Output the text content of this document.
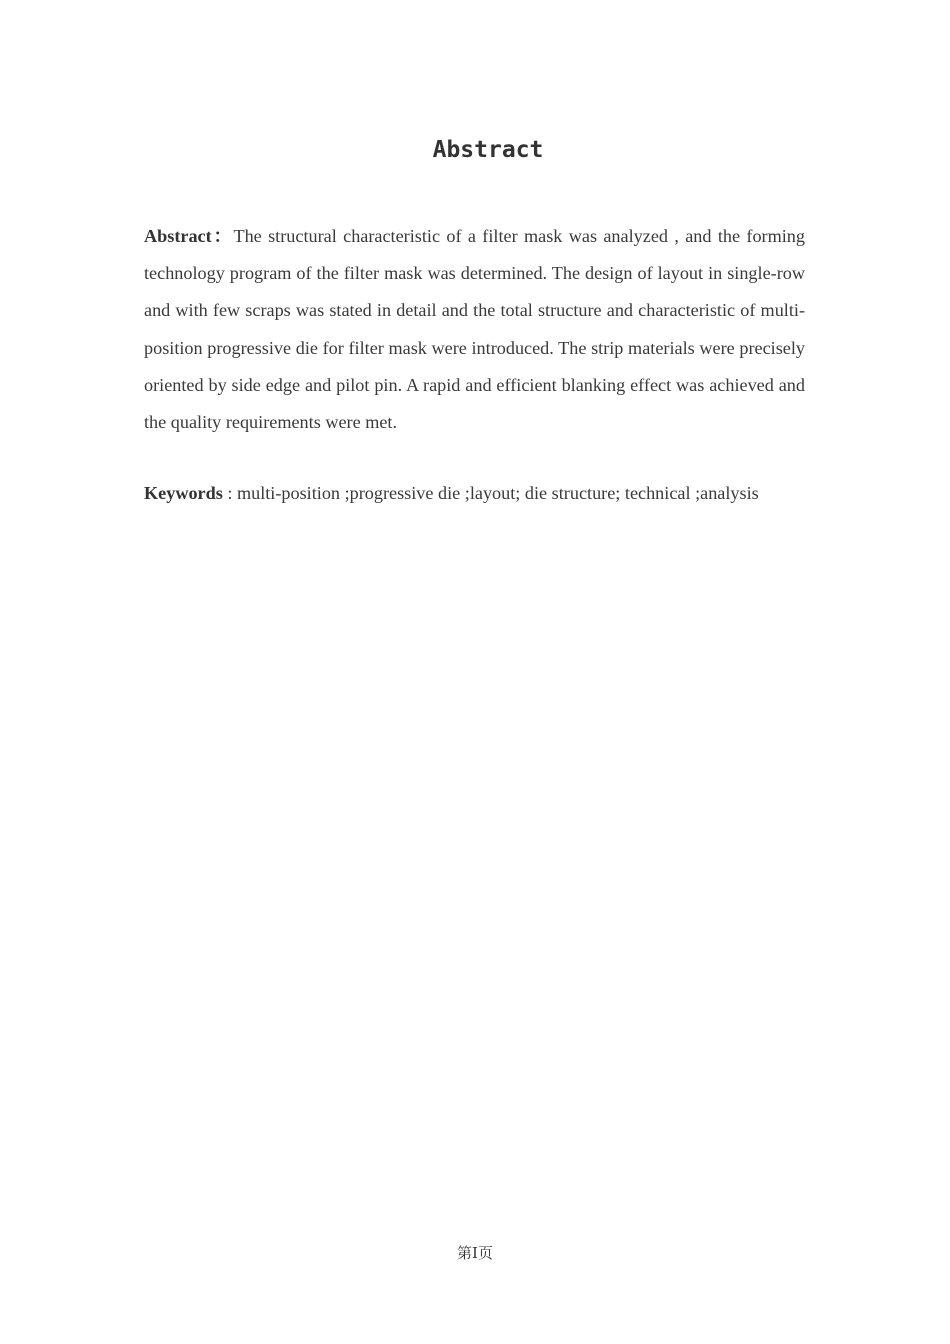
Abstract

Abstract：The structural characteristic of a filter mask was analyzed , and the forming technology program of the filter mask was determined. The design of layout in single-row and with few scraps was stated in detail and the total structure and characteristic of multi-position progressive die for filter mask were introduced. The strip materials were precisely oriented by side edge and pilot pin. A rapid and efficient blanking effect was achieved and the quality requirements were met.

Keywords : multi-position ;progressive die ;layout; die structure; technical ;analysis

第I页
